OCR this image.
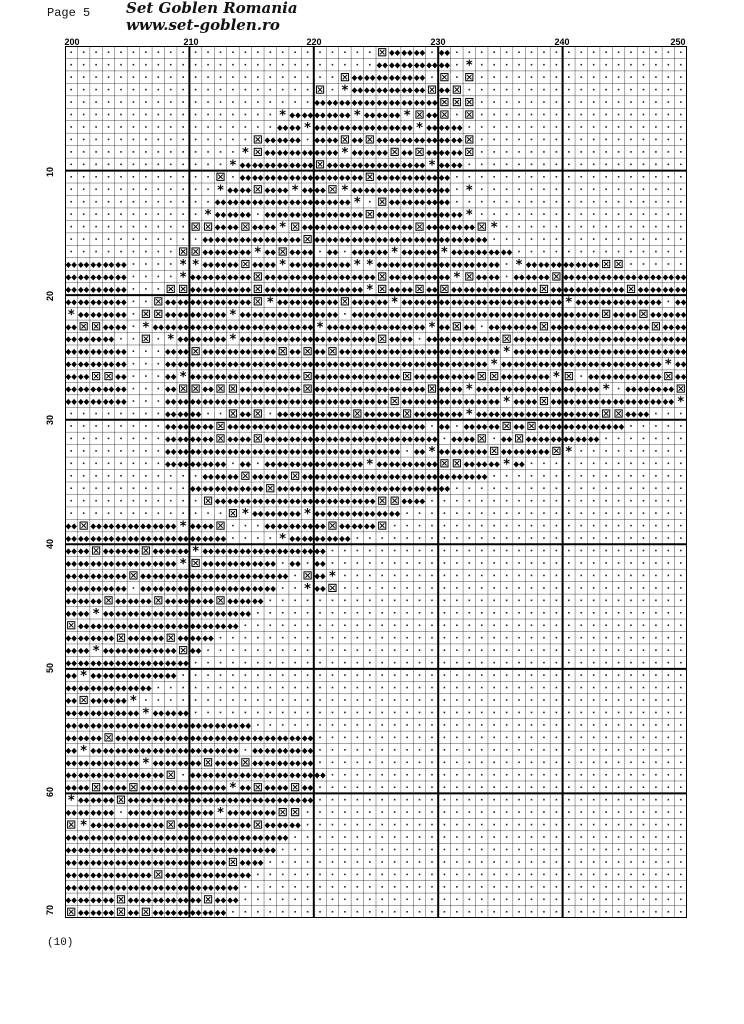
Page 5 Set Goblen Romania
www.set-goblen.ro
200	210	220	230	240	250
10
20
30
40
50
60
70
◆◆ ◆◆ ◆◆ ◆◆
◆◆ ◆◆ ◆◆ ◆◆ ◆◆ ◆◆ *
◆◆ ◆◆ ◆◆ ◆◆ ◆◆ ◆◆
* ◆◆ ◆◆ ◆◆ ◆◆ ◆◆ ◆◆ ◆◆
◆◆ ◆◆ ◆◆ ◆◆ ◆◆ ◆◆ ◆◆ ◆◆ ◆◆ ◆◆
* ◆◆ ◆◆ ◆◆ ◆◆ ◆◆ * ◆◆ ◆◆ ◆◆ * ◆◆
◆◆ ◆◆ * ◆◆ ◆◆ ◆◆ ◆◆ ◆◆ ◆◆ ◆◆ ◆◆ * ◆◆ ◆◆ ◆◆
◆◆ ◆◆ ◆◆ ◆◆ ◆◆ ◆◆ ◆◆ ◆◆ ◆◆ ◆◆ ◆◆ ◆◆ ◆◆
* ◆◆ ◆◆ ◆◆ ◆◆ ◆◆ ◆◆ * ◆◆ ◆◆ ◆◆ ◆◆ ◆◆ ◆◆ ◆◆
* ◆◆ ◆◆ ◆◆ ◆◆ ◆◆ ◆◆ ◆◆ ◆◆ ◆◆ ◆◆ ◆◆ ◆◆ ◆◆ ◆◆ * ◆◆ ◆◆
◆◆ ◆◆ ◆◆ ◆◆ ◆◆ ◆◆ ◆◆ ◆◆ ◆◆ ◆◆ ◆◆ ◆◆ ◆◆ ◆◆ ◆◆ ◆◆
* ◆◆ ◆◆ ◆◆ ◆◆ * ◆◆ ◆◆ * ◆◆ ◆◆ ◆◆ ◆◆ ◆◆ ◆◆ ◆◆ ◆◆ *
◆◆ ◆◆ ◆◆ ◆◆ ◆◆ ◆◆ ◆◆ ◆◆ ◆◆ ◆◆ ◆◆ *	◆◆ ◆◆ ◆◆ ◆◆ ◆◆
* ◆◆ ◆◆ ◆◆ ◆◆ ◆◆ ◆◆ ◆◆ ◆◆ ◆◆ ◆◆ ◆◆ ◆◆ ◆◆ ◆◆ ◆◆ ◆◆ ◆◆ ◆◆ *
◆◆ ◆◆ ◆◆ ◆◆ * ◆◆ ◆◆ ◆◆ ◆◆ ◆◆ ◆◆ ◆◆ ◆◆ ◆◆ ◆◆ ◆◆ ◆◆ ◆◆ *
◆◆ ◆◆ ◆◆ ◆◆ ◆◆ ◆◆ ◆◆ ◆◆ ◆◆ ◆◆ ◆◆ ◆◆ ◆◆ ◆◆ ◆◆ ◆◆ ◆◆ ◆◆ ◆◆ ◆◆ ◆◆ ◆◆
◆◆ ◆◆ ◆◆ ◆◆ * ◆◆ ◆◆ ◆◆ ◆◆ ◆◆ ◆◆ ◆◆ * ◆◆ ◆◆ ◆◆ * ◆◆ ◆◆ ◆◆ ◆◆ ◆◆
◆◆ ◆◆ ◆◆ ◆◆ ◆◆	* * ◆◆ ◆◆ ◆◆ ◆◆ ◆◆ * ◆◆ ◆◆ ◆◆ ◆◆ ◆◆ * * ◆◆ ◆◆ ◆◆ ◆◆ ◆◆ ◆◆ ◆◆ ◆◆ ◆◆ ◆◆ * ◆◆ ◆◆ ◆◆ ◆◆ ◆◆ ◆◆
◆◆ ◆◆ ◆◆ ◆◆ ◆◆	* ◆◆ ◆◆ ◆◆ ◆◆ ◆◆ ◆◆ ◆◆ ◆◆ ◆◆ ◆◆ ◆◆ ◆◆ ◆◆ ◆◆ ◆◆ ◆◆ ◆◆ ◆◆ ◆◆ * ◆◆ ◆◆ ◆◆ ◆◆ ◆◆ ◆◆ ◆◆ ◆◆ ◆◆ ◆◆ ◆◆ ◆◆ ◆◆ ◆◆ ◆◆
◆◆ ◆◆ ◆◆ ◆◆ ◆◆	◆◆ ◆◆ ◆◆ ◆◆ ◆◆ ◆◆ ◆◆ ◆◆ ◆◆ ◆◆ ◆◆ ◆◆ ◆◆ * ◆◆ ◆◆ ◆◆ ◆◆ ◆◆ ◆◆ ◆◆ ◆◆ ◆◆ ◆◆ ◆◆ ◆◆ ◆◆ ◆◆ ◆◆ ◆◆ ◆◆ ◆◆ ◆◆ ◆◆
◆◆ ◆◆ ◆◆ ◆◆ ◆◆	◆◆ ◆◆ ◆◆ ◆◆ ◆◆ ◆◆ ◆◆ * ◆◆ ◆◆ ◆◆ ◆◆ ◆◆ ◆◆ ◆◆ ◆◆ * ◆◆ ◆◆ ◆◆ ◆◆ ◆◆ ◆◆ ◆◆ ◆◆ ◆◆ ◆◆ ◆◆ ◆◆ ◆◆ * ◆◆ ◆◆ ◆◆ ◆◆ ◆◆ ◆◆ ◆◆ ◆◆
* ◆◆ ◆◆ ◆◆ ◆◆	◆◆ ◆◆ ◆◆ ◆◆ ◆◆ * ◆◆ ◆◆ ◆◆ ◆◆ ◆◆ ◆◆ ◆◆ ◆◆ ◆◆ ◆◆ ◆◆ ◆◆ ◆◆ ◆◆ ◆◆ ◆◆ ◆◆ ◆◆ ◆◆ ◆◆ ◆◆ ◆◆ ◆◆ ◆◆ ◆◆ ◆◆ ◆◆ ◆◆ ◆◆ ◆◆ ◆◆ ◆◆ ◆◆
◆◆	◆◆ ◆◆ * ◆◆ ◆◆ ◆◆ ◆◆ ◆◆ ◆◆ ◆◆ ◆◆ ◆◆ ◆◆ ◆◆ ◆◆ ◆◆ * ◆◆ ◆◆ ◆◆ ◆◆ ◆◆ ◆◆ ◆◆ ◆◆ * ◆◆ ◆◆ ◆◆ ◆◆ ◆◆ ◆◆ ◆◆ ◆◆ ◆◆ ◆◆ ◆◆ ◆◆ ◆◆ ◆◆ ◆◆ ◆◆
◆◆ ◆◆ ◆◆ ◆◆	* ◆◆ ◆◆ ◆◆ ◆◆ * ◆◆ ◆◆ ◆◆ ◆◆ ◆◆ ◆◆ ◆◆ ◆◆ ◆◆ ◆◆ ◆◆ ◆◆ ◆◆ ◆◆ ◆◆ ◆◆ ◆◆ ◆◆ ◆◆ ◆◆ ◆◆ ◆◆ ◆◆ ◆◆ ◆◆ ◆◆ ◆◆ ◆◆ ◆◆ ◆◆ ◆◆ ◆◆ ◆◆
◆◆ ◆◆ ◆◆ ◆◆ ◆◆	◆◆ ◆◆ ◆◆ ◆◆ ◆◆ ◆◆ ◆◆ ◆◆ ◆◆ ◆◆ ◆◆ ◆◆ ◆◆ ◆◆ ◆◆ ◆◆ ◆◆ ◆◆ ◆◆ ◆◆ ◆◆ ◆◆ ◆◆ * ◆◆ ◆◆ ◆◆ ◆◆ ◆◆ ◆◆ ◆◆ ◆◆ ◆◆ ◆◆ ◆◆ ◆◆ ◆◆ ◆◆
◆◆ ◆◆ ◆◆ ◆◆ ◆◆	◆◆ ◆◆ ◆◆ ◆◆ ◆◆ ◆◆ ◆◆ ◆◆ ◆◆ ◆◆ ◆◆ ◆◆ ◆◆ ◆◆ ◆◆ ◆◆ ◆◆ ◆◆ ◆◆ ◆◆ ◆◆ ◆◆ ◆◆ ◆◆ ◆◆ ◆◆ * ◆◆ ◆◆ ◆◆ ◆◆ ◆◆ ◆◆ ◆◆ ◆◆ ◆◆ ◆◆ ◆◆ ◆◆ ◆◆ * ◆◆
◆◆ ◆◆	◆◆	◆◆ * ◆◆ ◆◆ ◆◆ ◆◆ ◆◆ ◆◆ ◆◆ ◆◆ ◆◆ ◆◆ ◆◆ ◆◆ ◆◆ ◆◆ ◆◆ ◆◆ ◆◆ ◆◆ ◆◆ ◆◆ ◆◆	◆◆ ◆◆ ◆◆ ◆◆ *	◆◆ ◆◆ ◆◆ ◆◆ ◆◆ ◆◆ ◆◆
◆◆ ◆◆ ◆◆ ◆◆ ◆◆	◆◆	◆◆	◆◆ ◆◆ ◆◆ ◆◆ ◆◆ ◆◆ ◆◆ ◆◆ ◆◆ ◆◆ ◆◆ ◆◆ ◆◆ ◆◆ ◆◆ ◆◆ * ◆◆ ◆◆ ◆◆ ◆◆ ◆◆ ◆◆ ◆◆ ◆◆ ◆◆ ◆◆ * ◆◆ ◆◆ ◆◆ ◆◆
◆◆ ◆◆ ◆◆ ◆◆ ◆◆	◆◆ ◆◆ ◆◆ ◆◆ ◆◆ ◆◆ ◆◆ ◆◆ ◆◆ ◆◆ ◆◆ ◆◆ ◆◆ ◆◆ ◆◆ ◆◆ ◆◆ ◆◆ ◆◆ ◆◆ ◆◆ ◆◆ ◆◆ ◆◆ ◆◆ ◆◆ * ◆◆ ◆◆ ◆◆ ◆◆ ◆◆ ◆◆ ◆◆ ◆◆ ◆◆ ◆◆ ◆◆ ◆◆ *
◆◆ ◆◆ ◆◆	◆◆	◆◆ ◆◆ ◆◆ ◆◆ ◆◆ ◆◆ ◆◆ ◆◆ ◆◆ ◆◆ ◆◆ ◆◆ ◆◆ * ◆◆ ◆◆ ◆◆ ◆◆ ◆◆ ◆◆ ◆◆ ◆◆ ◆◆ ◆◆	◆◆ ◆◆
◆◆ ◆◆ ◆◆ ◆◆ ◆◆ ◆◆ ◆◆ ◆◆ ◆◆ ◆◆ ◆◆ ◆◆ ◆◆ ◆◆ ◆◆ ◆◆ ◆◆ ◆◆ ◆◆ ◆◆ ◆◆ ◆◆ ◆◆ ◆◆ ◆◆ ◆◆ ◆◆ ◆◆ ◆◆ ◆◆ ◆◆ ◆◆
◆◆ ◆◆ ◆◆ ◆◆ ◆◆ ◆◆ ◆◆ ◆◆ ◆◆ ◆◆ ◆◆ ◆◆ ◆◆ ◆◆ ◆◆ ◆◆ ◆◆ ◆◆ ◆◆ ◆◆ ◆◆ ◆◆	◆◆ ◆◆ ◆◆ ◆◆ ◆◆ ◆◆ ◆◆
◆◆ ◆◆ ◆◆ ◆◆ ◆◆ ◆◆ ◆◆ ◆◆ ◆◆ ◆◆ ◆◆ ◆◆ ◆◆ ◆◆ ◆◆ ◆◆ ◆◆ ◆◆ ◆◆ ◆◆ * ◆◆ ◆◆ ◆◆ ◆◆ ◆◆ ◆◆ ◆◆ ◆◆ *
◆◆ ◆◆ ◆◆ ◆◆ ◆◆ ◆◆ ◆◆ ◆◆ ◆◆ ◆◆ ◆◆ ◆◆ ◆◆ ◆◆ * ◆◆ ◆◆ ◆◆ ◆◆ ◆◆	◆◆ ◆◆ ◆◆ * ◆◆
◆◆ ◆◆ ◆◆ ◆◆ ◆◆ ◆◆ ◆◆ ◆◆ ◆◆ ◆◆ ◆◆ ◆◆ ◆◆ ◆◆ ◆◆ ◆◆ ◆◆ ◆◆ ◆◆ ◆◆ ◆◆
◆◆ ◆◆ ◆◆ ◆◆ ◆◆ ◆◆ ◆◆ ◆◆ ◆◆ ◆◆ ◆◆ ◆◆ ◆◆ ◆◆ ◆◆ ◆◆ ◆◆ ◆◆ ◆◆ ◆◆
◆◆ ◆◆ ◆◆ ◆◆ ◆◆ ◆◆ ◆◆ ◆◆ ◆◆ ◆◆ ◆◆ ◆◆ ◆◆	◆◆ ◆◆
* ◆◆ ◆◆ ◆◆ ◆◆ * ◆◆ ◆◆ ◆◆ ◆◆ ◆◆ ◆◆ ◆◆
◆◆ ◆◆ ◆◆ ◆◆ ◆◆ ◆◆ ◆◆ ◆◆ * ◆◆ ◆◆	◆◆ ◆◆ ◆◆ ◆◆ ◆◆ ◆◆ ◆◆ ◆◆
◆◆ ◆◆ ◆◆ ◆◆ ◆◆ ◆◆ ◆◆ ◆◆ ◆◆ ◆◆ ◆◆ ◆◆ ◆◆	* ◆◆ ◆◆ ◆◆ ◆◆ ◆◆
◆◆ ◆◆ ◆◆ ◆◆ ◆◆ ◆◆ ◆◆ ◆◆ * ◆◆ ◆◆ ◆◆ ◆◆ ◆◆ ◆◆ ◆◆ ◆◆ ◆◆ ◆◆
◆◆ ◆◆ ◆◆ ◆◆ ◆◆ ◆◆ ◆◆ ◆◆ ◆◆ * ◆◆ ◆◆ ◆◆ ◆◆ ◆◆ ◆◆ ◆◆ ◆◆
◆◆ ◆◆ ◆◆ ◆◆ ◆◆ ◆◆ ◆◆ ◆◆ ◆◆ ◆◆ ◆◆ ◆◆ ◆◆ ◆◆ ◆◆ ◆◆ ◆◆	◆◆ *
◆◆ ◆◆ ◆◆ ◆◆ ◆◆ ◆◆ ◆◆ ◆◆ ◆◆ ◆◆ ◆◆ ◆◆ ◆◆ ◆◆ ◆◆ ◆◆ * ◆◆
◆◆ ◆◆ ◆◆ ◆◆ ◆◆ ◆◆ ◆◆ ◆◆ ◆◆ ◆◆ ◆◆ ◆◆ ◆◆
◆◆ ◆◆ * ◆◆ ◆◆ ◆◆ ◆◆ ◆◆ ◆◆ ◆◆ ◆◆ ◆◆ ◆◆ ◆◆ ◆◆
◆◆ ◆◆ ◆◆ ◆◆ ◆◆ ◆◆ ◆◆ ◆◆ ◆◆ ◆◆ ◆◆ ◆◆ ◆◆
◆◆ ◆◆ ◆◆ ◆◆ ◆◆ ◆◆ ◆◆ ◆◆ ◆◆ ◆◆
◆◆ ◆◆ * ◆◆ ◆◆ ◆◆ ◆◆ ◆◆ ◆◆ ◆◆
◆◆ ◆◆ ◆◆ ◆◆ ◆◆ ◆◆ ◆◆ ◆◆ ◆◆ ◆◆
◆◆ * ◆◆ ◆◆ ◆◆ ◆◆ ◆◆ ◆◆ ◆◆
◆◆ ◆◆ ◆◆ ◆◆ ◆◆ ◆◆ ◆◆
◆◆ ◆◆ ◆◆ ◆◆ *
◆◆ ◆◆ ◆◆ ◆◆ ◆◆ ◆◆ * ◆◆ ◆◆ ◆◆
◆◆ ◆◆ ◆◆ ◆◆ ◆◆ ◆◆ ◆◆ ◆◆ ◆◆ ◆◆ ◆◆ ◆◆ ◆◆ ◆◆ ◆◆
◆◆ ◆◆ ◆◆ ◆◆ ◆◆ ◆◆ ◆◆ ◆◆ ◆◆ ◆◆ ◆◆ ◆◆ ◆◆ ◆◆ ◆◆ ◆◆ ◆◆ ◆◆ ◆◆
◆◆ * ◆◆ ◆◆ ◆◆ ◆◆ ◆◆ ◆◆ ◆◆ ◆◆ ◆◆ ◆◆ ◆◆ ◆◆ ◆◆ ◆◆ ◆◆ ◆◆ ◆◆
◆◆ ◆◆ ◆◆ ◆◆ ◆◆ ◆◆ * ◆◆ ◆◆ ◆◆ ◆◆ ◆◆ ◆◆ ◆◆ ◆◆ ◆◆ ◆◆ ◆◆
◆◆ ◆◆ ◆◆ ◆◆ ◆◆ ◆◆ ◆◆ ◆◆	◆◆ ◆◆ ◆◆ ◆◆ ◆◆ ◆◆ ◆◆ ◆◆ ◆◆ ◆◆ ◆◆
◆◆ ◆◆ ◆◆ ◆◆ ◆◆ ◆◆ ◆◆ ◆◆ ◆◆ ◆◆ ◆◆ * ◆◆ ◆◆ ◆◆ ◆◆
* ◆◆ ◆◆ ◆◆ ◆◆ ◆◆ ◆◆ ◆◆ ◆◆ ◆◆ ◆◆ ◆◆ ◆◆ ◆◆ ◆◆ ◆◆ ◆◆ ◆◆ ◆◆
◆◆ ◆◆ ◆◆ ◆◆ ◆◆ ◆◆ ◆◆ ◆◆ ◆◆ ◆◆ ◆◆ * ◆◆ ◆◆ ◆◆ ◆◆
* ◆◆ ◆◆ ◆◆ ◆◆ ◆◆ ◆◆ ◆◆ ◆◆ ◆◆ ◆◆ ◆◆ ◆◆ ◆◆ ◆◆ ◆◆
◆◆ ◆◆ ◆◆ ◆◆ ◆◆ ◆◆ ◆◆ ◆◆ ◆◆ ◆◆ ◆◆ ◆◆ ◆◆ ◆◆ ◆◆ ◆◆ ◆◆ ◆◆
◆◆ ◆◆ ◆◆ ◆◆ ◆◆ ◆◆ ◆◆ ◆◆ ◆◆ ◆◆ ◆◆ ◆◆ ◆◆ ◆◆ ◆◆ ◆◆ ◆◆
◆◆ ◆◆ ◆◆ ◆◆ ◆◆ ◆◆ ◆◆ ◆◆ ◆◆ ◆◆ ◆◆ ◆◆ ◆◆ ◆◆ ◆◆
◆◆ ◆◆ ◆◆ ◆◆ ◆◆ ◆◆ ◆◆ ◆◆ ◆◆ ◆◆ ◆◆ ◆◆ ◆◆ ◆◆
◆◆ ◆◆ ◆◆ ◆◆ ◆◆ ◆◆ ◆◆ ◆◆ ◆◆ ◆◆ ◆◆ ◆◆ ◆◆ ◆◆
◆◆ ◆◆ ◆◆ ◆◆ ◆◆ ◆◆ ◆◆ ◆◆ ◆◆ ◆◆ ◆◆ ◆◆
◆◆ ◆◆ ◆◆ ◆◆ ◆◆ ◆◆ ◆◆ ◆◆ ◆◆ ◆◆
(10)
